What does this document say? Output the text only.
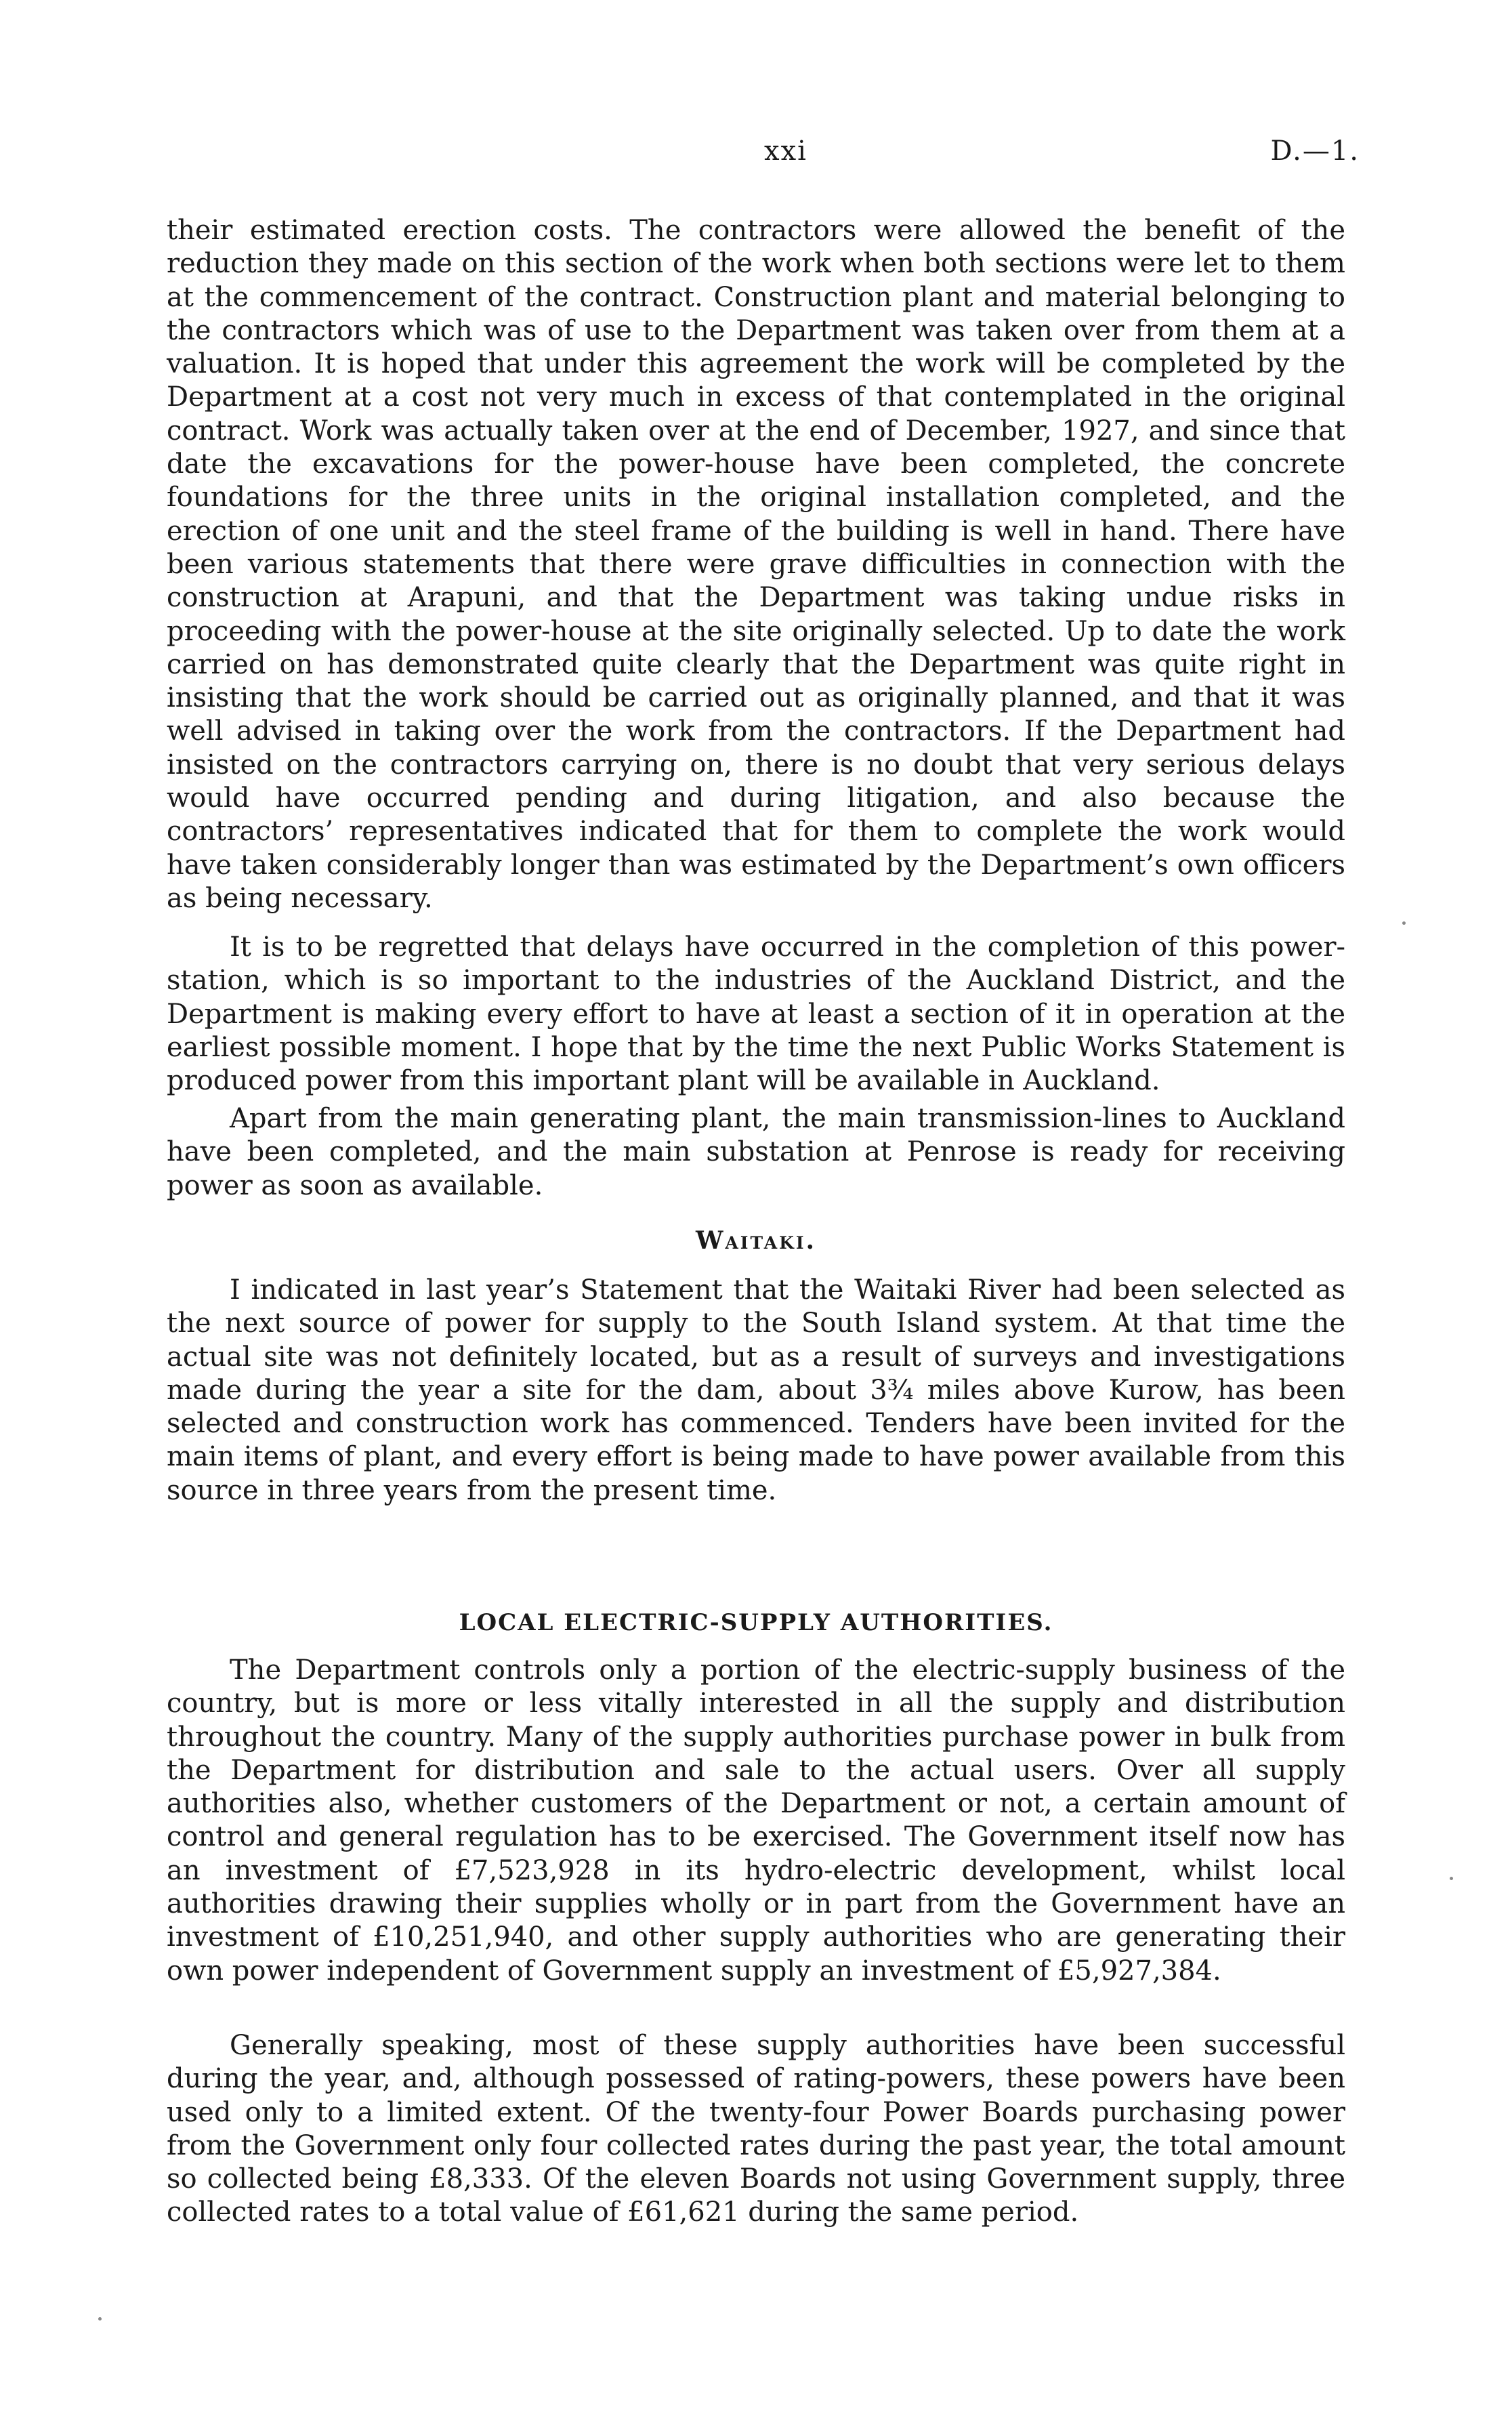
xxi	D.—1.

their estimated erection costs. The contractors were allowed the benefit of the reduction they made on this section of the work when both sections were let to them at the commencement of the contract. Construction plant and material belonging to the contractors which was of use to the Department was taken over from them at a valuation. It is hoped that under this agreement the work will be completed by the Department at a cost not very much in excess of that contemplated in the original contract. Work was actually taken over at the end of December, 1927, and since that date the excavations for the power-house have been completed, the concrete foundations for the three units in the original installation completed, and the erection of one unit and the steel frame of the building is well in hand. There have been various statements that there were grave difficulties in connection with the construction at Arapuni, and that the Department was taking undue risks in proceeding with the power-house at the site originally selected. Up to date the work carried on has demonstrated quite clearly that the Department was quite right in insisting that the work should be carried out as originally planned, and that it was well advised in taking over the work from the contractors. If the Department had insisted on the contractors carrying on, there is no doubt that very serious delays would have occurred pending and during litigation, and also because the contractors’ representatives indicated that for them to complete the work would have taken considerably longer than was estimated by the Department’s own officers as being necessary.

It is to be regretted that delays have occurred in the completion of this power-station, which is so important to the industries of the Auckland District, and the Department is making every effort to have at least a section of it in operation at the earliest possible moment. I hope that by the time the next Public Works Statement is produced power from this important plant will be available in Auckland.

Apart from the main generating plant, the main transmission-lines to Auckland have been completed, and the main substation at Penrose is ready for receiving power as soon as available.

Waitaki.

I indicated in last year’s Statement that the Waitaki River had been selected as the next source of power for supply to the South Island system. At that time the actual site was not definitely located, but as a result of surveys and investigations made during the year a site for the dam, about 3¾ miles above Kurow, has been selected and construction work has commenced. Tenders have been invited for the main items of plant, and every effort is being made to have power available from this source in three years from the present time.

LOCAL ELECTRIC-SUPPLY AUTHORITIES.

The Department controls only a portion of the electric-supply business of the country, but is more or less vitally interested in all the supply and distribution throughout the country. Many of the supply authorities purchase power in bulk from the Department for distribution and sale to the actual users. Over all supply authorities also, whether customers of the Department or not, a certain amount of control and general regulation has to be exercised. The Government itself now has an investment of £7,523,928 in its hydro-electric development, whilst local authorities drawing their supplies wholly or in part from the Government have an investment of £10,251,940, and other supply authorities who are generating their own power independent of Government supply an investment of £5,927,384.

Generally speaking, most of these supply authorities have been successful during the year, and, although possessed of rating-powers, these powers have been used only to a limited extent. Of the twenty-four Power Boards purchasing power from the Government only four collected rates during the past year, the total amount so collected being £8,333. Of the eleven Boards not using Government supply, three collected rates to a total value of £61,621 during the same period.
